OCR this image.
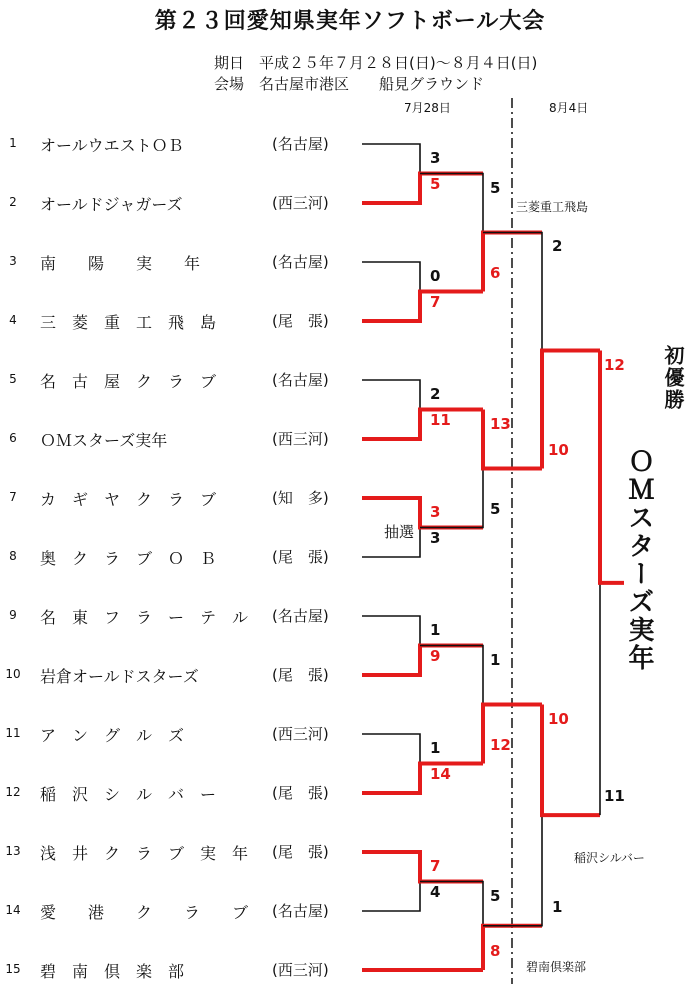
第２３回愛知県実年ソフトボール大会
期日　平成２５年７月２８日(日)～８月４日(日)
会場　名古屋市港区　　船見グラウンド
7月28日	8月4日
1	オールウエストＯＢ	(名古屋)
2	オールドジャガーズ	(西三河)
3	南　　陽　　実　　年	(名古屋)
4	三　菱　重　工　飛　島	(尾　張)
5	名　古　屋　ク　ラ　ブ	(名古屋)
6	ＯＭスターズ実年	(西三河)
7	カ　ギ　ヤ　ク　ラ　ブ	(知　多)
8	奥　ク　ラ　ブ　Ｏ　Ｂ	(尾　張)
9	名　東　フ　ラ　ー　テ　ル (名古屋)
10 岩倉オールドスターズ	(尾　張)
11 ア　ン　グ　ル　ズ	(西三河)
12 稲　沢　シ　ル　バ　ー	(尾　張)
13 浅　井　ク　ラ　ブ　実　年 (尾　張)
14 愛　　港　　ク　　ラ　　ブ (名古屋)
15 碧　南　倶　楽　部	(西三河)
3
5
0
7
2
11
3
3
1
9
1
14
7
4
5
6
13
5
1
12
5
8
2
10
10
1
12
11
抽選
三菱重工飛島
稲沢シルバー
碧南倶楽部
初優勝
ＯＭスターズ実年
